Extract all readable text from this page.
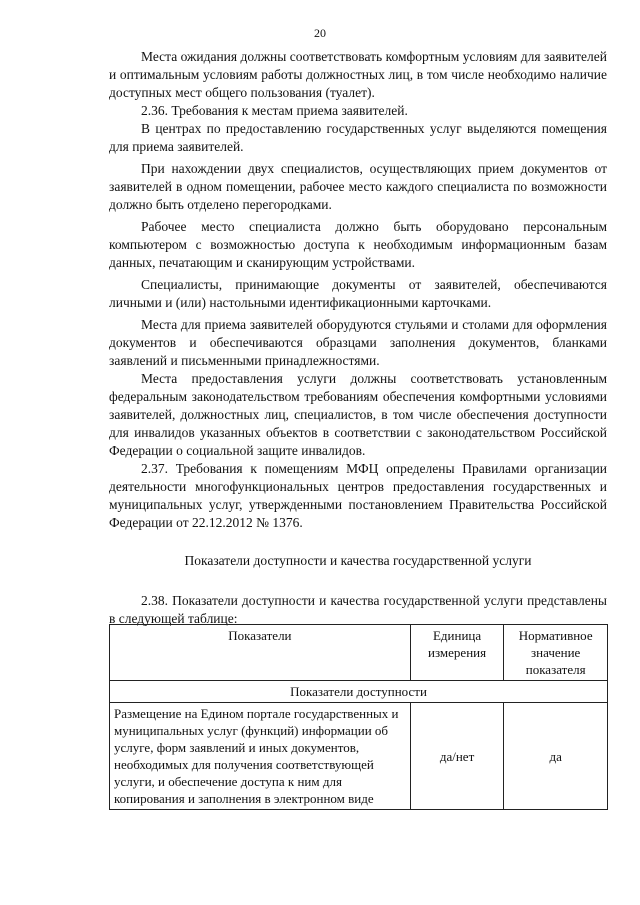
20

Места ожидания должны соответствовать комфортным условиям для заявителей и оптимальным условиям работы должностных лиц, в том числе необходимо наличие доступных мест общего пользования (туалет).

2.36. Требования к местам приема заявителей.

В центрах по предоставлению государственных услуг выделяются помещения для приема заявителей.

При нахождении двух специалистов, осуществляющих прием документов от заявителей в одном помещении, рабочее место каждого специалиста по возможности должно быть отделено перегородками.

Рабочее место специалиста должно быть оборудовано персональным компьютером с возможностью доступа к необходимым информационным базам данных, печатающим и сканирующим устройствами.

Специалисты, принимающие документы от заявителей, обеспечиваются личными и (или) настольными идентификационными карточками.

Места для приема заявителей оборудуются стульями и столами для оформления документов и обеспечиваются образцами заполнения документов, бланками заявлений и письменными принадлежностями.

Места предоставления услуги должны соответствовать установленным федеральным законодательством требованиям обеспечения комфортными условиями заявителей, должностных лиц, специалистов, в том числе обеспечения доступности для инвалидов указанных объектов в соответствии с законодательством Российской Федерации о социальной защите инвалидов.

2.37. Требования к помещениям МФЦ определены Правилами организации деятельности многофункциональных центров предоставления государственных и муниципальных услуг, утвержденными постановлением Правительства Российской Федерации от 22.12.2012 № 1376.

Показатели доступности и качества государственной услуги

2.38. Показатели доступности и качества государственной услуги представлены в следующей таблице:

Показатели	Единица измерения	Нормативное значение показателя
Показатели доступности		
Размещение на Едином портале государственных и муниципальных услуг (функций) информации об услуге, форм заявлений и иных документов, необходимых для получения соответствующей услуги, и обеспечение доступа к ним для копирования и заполнения в электронном виде	да/нет	да
